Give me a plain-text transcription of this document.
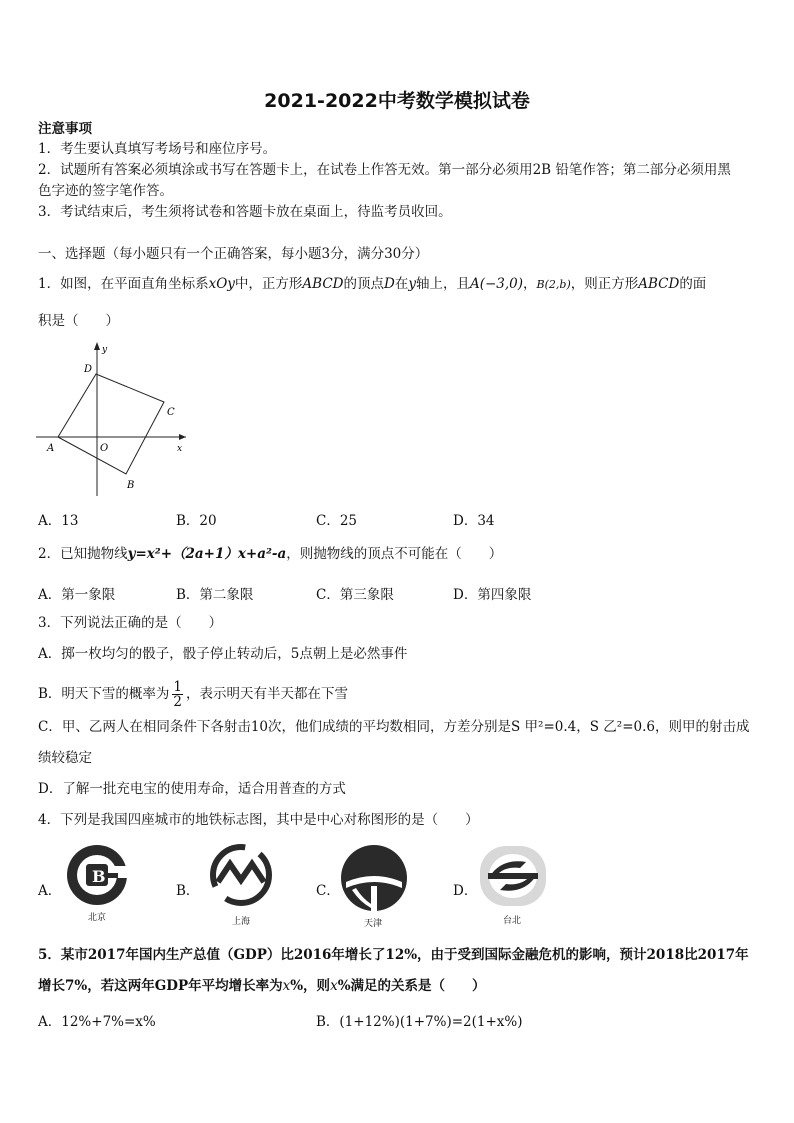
2021-2022中考数学模拟试卷
注意事项
1．考生要认真填写考场号和座位序号。
2．试题所有答案必须填涂或书写在答题卡上，在试卷上作答无效。第一部分必须用2B 铅笔作答；第二部分必须用黑
色字迹的签字笔作答。
3．考试结束后，考生须将试卷和答题卡放在桌面上，待监考员收回。
一、选择题（每小题只有一个正确答案，每小题3分，满分30分）
1．如图，在平面直角坐标系xOy中，正方形ABCD的顶点D在y轴上，且A(−3,0)，B(2,b)，则正方形ABCD的面
积是（　　）
y
x
D
C
A	O
B
A．13	B．20	C．25	D．34
2．已知抛物线y=x²+（2a+1）x+a²-a，则抛物线的顶点不可能在（　　）
A．第一象限	B．第二象限	C．第三象限	D．第四象限
3．下列说法正确的是（　　）
A．掷一枚均匀的骰子，骰子停止转动后，5点朝上是必然事件
B．明天下雪的概率为 $\frac{1}{2}$ ，表示明天有半天都在下雪
C．甲、乙两人在相同条件下各射击10次，他们成绩的平均数相同，方差分别是S 甲²=0.4，S 乙²=0.6，则甲的射击成
绩较稳定
D．了解一批充电宝的使用寿命，适合用普查的方式
4．下列是我国四座城市的地铁标志图，其中是中心对称图形的是（　　）
A．
B
北京
B．
上海
C．
天津
D．
台北
5．某市2017年国内生产总值（GDP）比2016年增长了12%，由于受到国际金融危机的影响，预计2018比2017年
增长7%，若这两年GDP年平均增长率为x%，则x%满足的关系是（　　）
A．12%+7%=x%	B．(1+12%)(1+7%)=2(1+x%)
